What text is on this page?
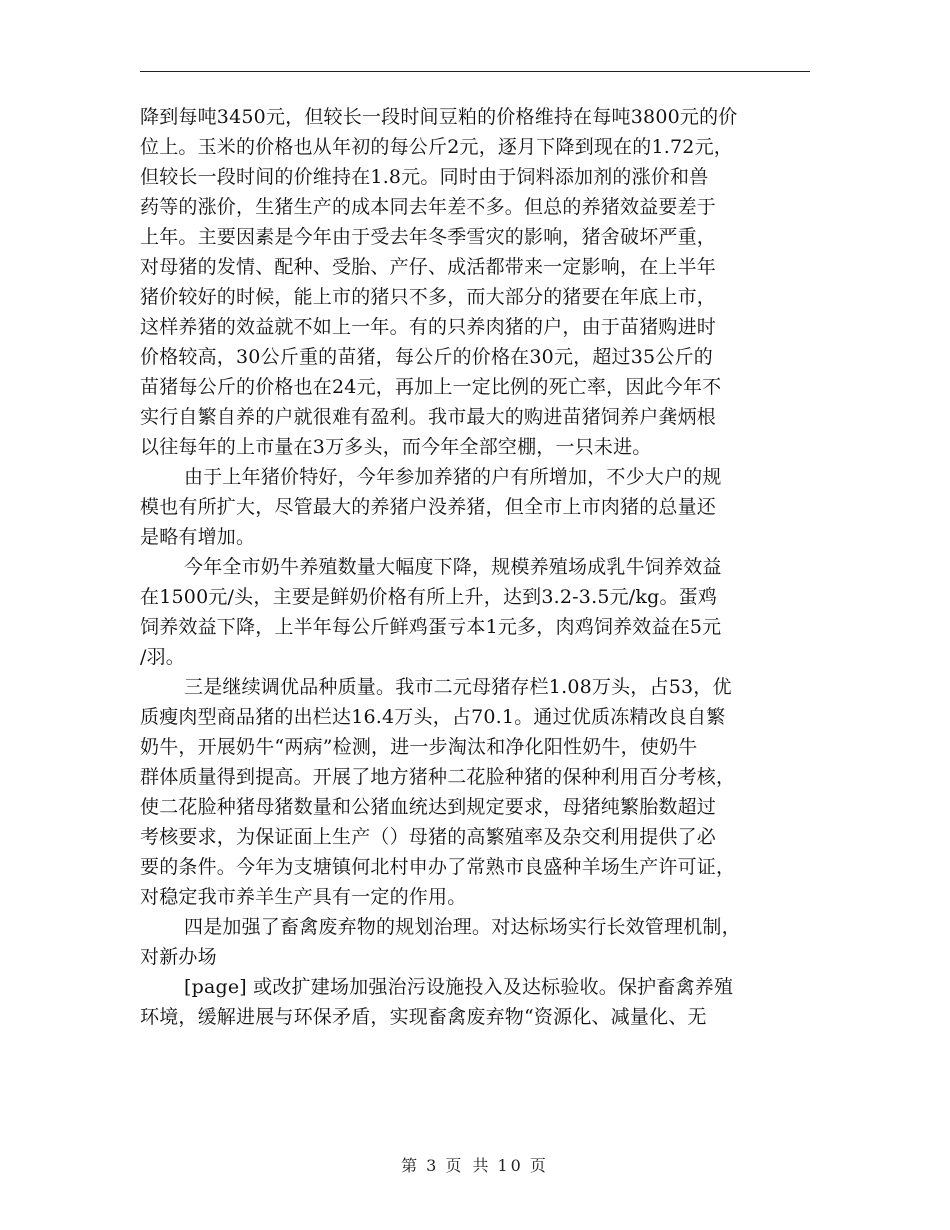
降到每吨3450元，但较长一段时间豆粕的价格维持在每吨3800元的价
位上。玉米的价格也从年初的每公斤2元，逐月下降到现在的1.72元，
但较长一段时间的价维持在1.8元。同时由于饲料添加剂的涨价和兽
药等的涨价，生猪生产的成本同去年差不多。但总的养猪效益要差于
上年。主要因素是今年由于受去年冬季雪灾的影响，猪舍破坏严重，
对母猪的发情、配种、受胎、产仔、成活都带来一定影响，在上半年
猪价较好的时候，能上市的猪只不多，而大部分的猪要在年底上市，
这样养猪的效益就不如上一年。有的只养肉猪的户，由于苗猪购进时
价格较高，30公斤重的苗猪，每公斤的价格在30元，超过35公斤的
苗猪每公斤的价格也在24元，再加上一定比例的死亡率，因此今年不
实行自繁自养的户就很难有盈利。我市最大的购进苗猪饲养户龚炳根
以往每年的上市量在3万多头，而今年全部空棚，一只未进。
由于上年猪价特好，今年参加养猪的户有所增加，不少大户的规
模也有所扩大，尽管最大的养猪户没养猪，但全市上市肉猪的总量还
是略有增加。
今年全市奶牛养殖数量大幅度下降，规模养殖场成乳牛饲养效益
在1500元/头，主要是鲜奶价格有所上升，达到3.2-3.5元/kg。蛋鸡
饲养效益下降，上半年每公斤鲜鸡蛋亏本1元多，肉鸡饲养效益在5元
/羽。
三是继续调优品种质量。我市二元母猪存栏1.08万头，占53，优
质瘦肉型商品猪的出栏达16.4万头，占70.1。通过优质冻精改良自繁
奶牛，开展奶牛“两病”检测，进一步淘汰和净化阳性奶牛，使奶牛
群体质量得到提高。开展了地方猪种二花脸种猪的保种利用百分考核，
使二花脸种猪母猪数量和公猪血统达到规定要求，母猪纯繁胎数超过
考核要求，为保证面上生产（）母猪的高繁殖率及杂交利用提供了必
要的条件。今年为支塘镇何北村申办了常熟市良盛种羊场生产许可证，
对稳定我市养羊生产具有一定的作用。
四是加强了畜禽废弃物的规划治理。对达标场实行长效管理机制，
对新办场
[page] 或改扩建场加强治污设施投入及达标验收。保护畜禽养殖
环境，缓解进展与环保矛盾，实现畜禽废弃物“资源化、减量化、无
第 3 页 共 10 页
